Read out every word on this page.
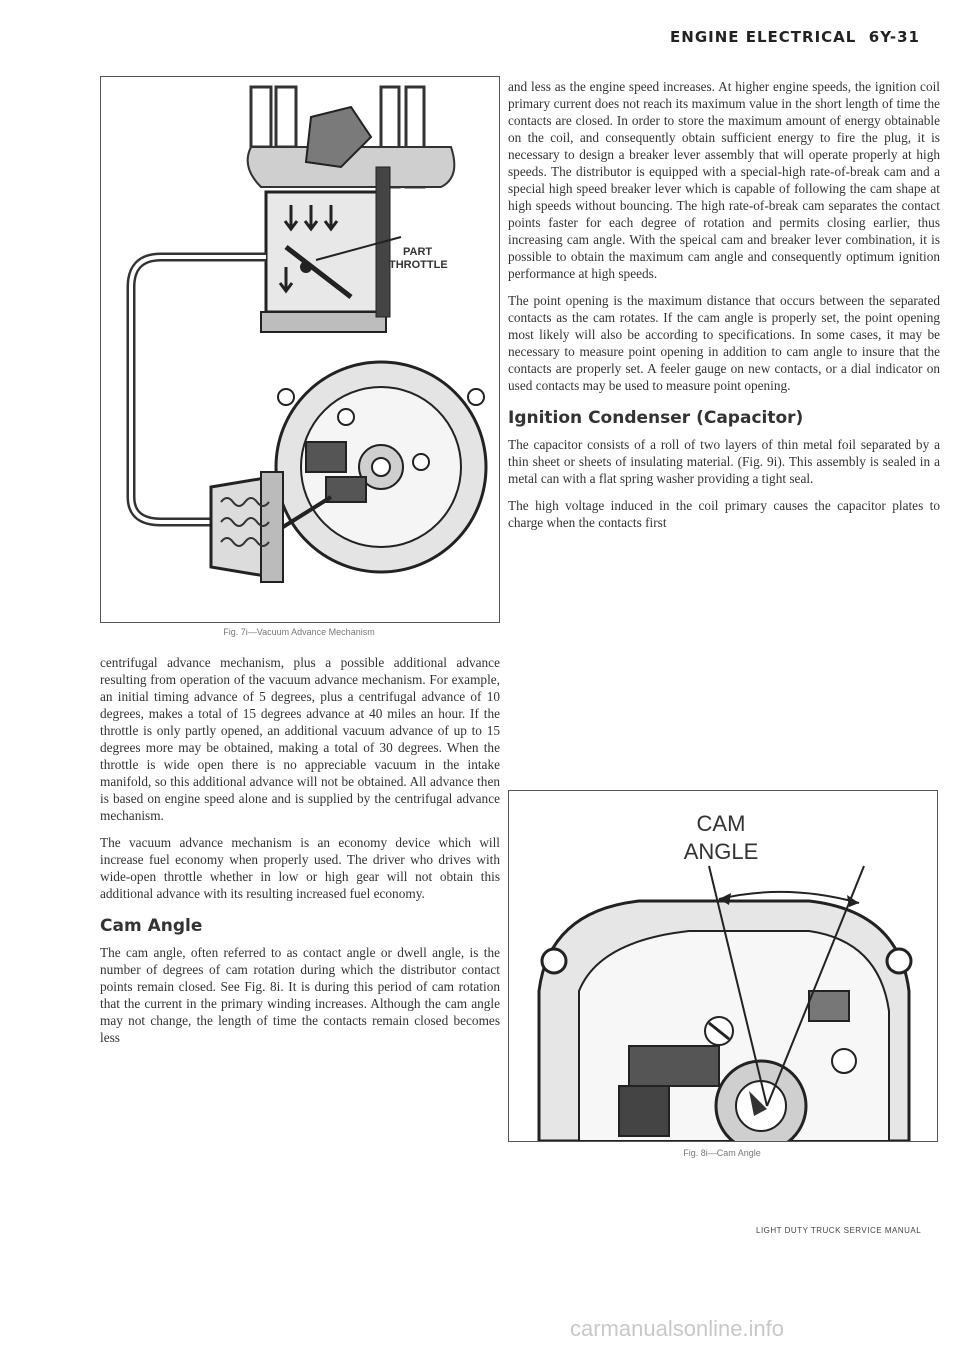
ENGINE ELECTRICAL 6Y-31
PART
THROTTLE
Fig. 7i—Vacuum Advance Mechanism

centrifugal advance mechanism, plus a possible additional advance resulting from operation of the vacuum advance mechanism. For example, an initial timing advance of 5 degrees, plus a centrifugal advance of 10 degrees, makes a total of 15 degrees advance at 40 miles an hour. If the throttle is only partly opened, an additional vacuum advance of up to 15 degrees more may be obtained, making a total of 30 degrees. When the throttle is wide open there is no appreciable vacuum in the intake manifold, so this additional advance will not be obtained. All advance then is based on engine speed alone and is supplied by the centrifugal advance mechanism.

The vacuum advance mechanism is an economy device which will increase fuel economy when properly used. The driver who drives with wide-open throttle whether in low or high gear will not obtain this additional advance with its resulting increased fuel economy.

Cam Angle

The cam angle, often referred to as contact angle or dwell angle, is the number of degrees of cam rotation during which the distributor contact points remain closed. See Fig. 8i. It is during this period of cam rotation that the current in the primary winding increases. Although the cam angle may not change, the length of time the contacts remain closed becomes less

and less as the engine speed increases. At higher engine speeds, the ignition coil primary current does not reach its maximum value in the short length of time the contacts are closed. In order to store the maximum amount of energy obtainable on the coil, and consequently obtain sufficient energy to fire the plug, it is necessary to design a breaker lever assembly that will operate properly at high speeds. The distributor is equipped with a special-high rate-of-break cam and a special high speed breaker lever which is capable of following the cam shape at high speeds without bouncing. The high rate-of-break cam separates the contact points faster for each degree of rotation and permits closing earlier, thus increasing cam angle. With the speical cam and breaker lever combination, it is possible to obtain the maximum cam angle and consequently optimum ignition performance at high speeds.

The point opening is the maximum distance that occurs between the separated contacts as the cam rotates. If the cam angle is properly set, the point opening most likely will also be according to specifications. In some cases, it may be necessary to measure point opening in addition to cam angle to insure that the contacts are properly set. A feeler gauge on new contacts, or a dial indicator on used contacts may be used to measure point opening.

Ignition Condenser (Capacitor)

The capacitor consists of a roll of two layers of thin metal foil separated by a thin sheet or sheets of insulating material. (Fig. 9i). This assembly is sealed in a metal can with a flat spring washer providing a tight seal.

The high voltage induced in the coil primary causes the capacitor plates to charge when the contacts first

CAM
ANGLE
Fig. 8i—Cam Angle
LIGHT DUTY TRUCK SERVICE MANUAL
carmanualsonline.info
